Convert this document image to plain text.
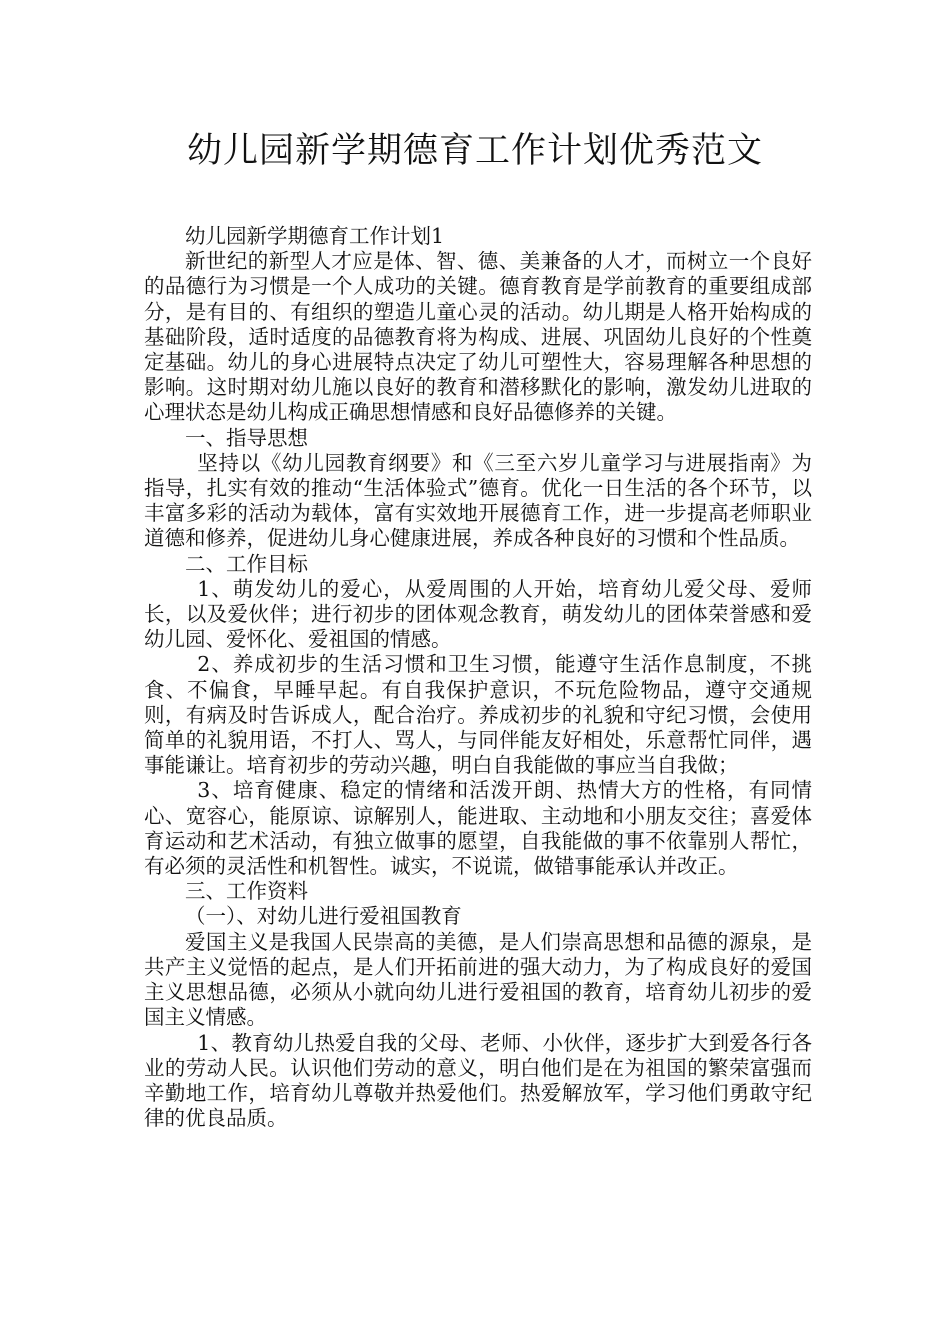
幼儿园新学期德育工作计划优秀范文

幼儿园新学期德育工作计划1

新世纪的新型人才应是体、智、德、美兼备的人才，而树立一个良好的品德行为习惯是一个人成功的关键。德育教育是学前教育的重要组成部分，是有目的、有组织的塑造儿童心灵的活动。幼儿期是人格开始构成的基础阶段，适时适度的品德教育将为构成、进展、巩固幼儿良好的个性奠定基础。幼儿的身心进展特点决定了幼儿可塑性大，容易理解各种思想的影响。这时期对幼儿施以良好的教育和潜移默化的影响，激发幼儿进取的心理状态是幼儿构成正确思想情感和良好品德修养的关键。

一、指导思想

坚持以《幼儿园教育纲要》和《三至六岁儿童学习与进展指南》为指导，扎实有效的推动“生活体验式”德育。优化一日生活的各个环节，以丰富多彩的活动为载体，富有实效地开展德育工作，进一步提高老师职业道德和修养，促进幼儿身心健康进展，养成各种良好的习惯和个性品质。

二、工作目标

1、萌发幼儿的爱心，从爱周围的人开始，培育幼儿爱父母、爱师长，以及爱伙伴；进行初步的团体观念教育，萌发幼儿的团体荣誉感和爱幼儿园、爱怀化、爱祖国的情感。

2、养成初步的生活习惯和卫生习惯，能遵守生活作息制度，不挑食、不偏食，早睡早起。有自我保护意识，不玩危险物品，遵守交通规则，有病及时告诉成人，配合治疗。养成初步的礼貌和守纪习惯，会使用简单的礼貌用语，不打人、骂人，与同伴能友好相处，乐意帮忙同伴，遇事能谦让。培育初步的劳动兴趣，明白自我能做的事应当自我做；

3、培育健康、稳定的情绪和活泼开朗、热情大方的性格，有同情心、宽容心，能原谅、谅解别人，能进取、主动地和小朋友交往；喜爱体育运动和艺术活动，有独立做事的愿望，自我能做的事不依靠别人帮忙，有必须的灵活性和机智性。诚实，不说谎，做错事能承认并改正。

三、工作资料

（一）、对幼儿进行爱祖国教育

爱国主义是我国人民崇高的美德，是人们崇高思想和品德的源泉，是共产主义觉悟的起点，是人们开拓前进的强大动力，为了构成良好的爱国主义思想品德，必须从小就向幼儿进行爱祖国的教育，培育幼儿初步的爱国主义情感。

1、教育幼儿热爱自我的父母、老师、小伙伴，逐步扩大到爱各行各业的劳动人民。认识他们劳动的意义，明白他们是在为祖国的繁荣富强而辛勤地工作，培育幼儿尊敬并热爱他们。热爱解放军，学习他们勇敢守纪律的优良品质。
